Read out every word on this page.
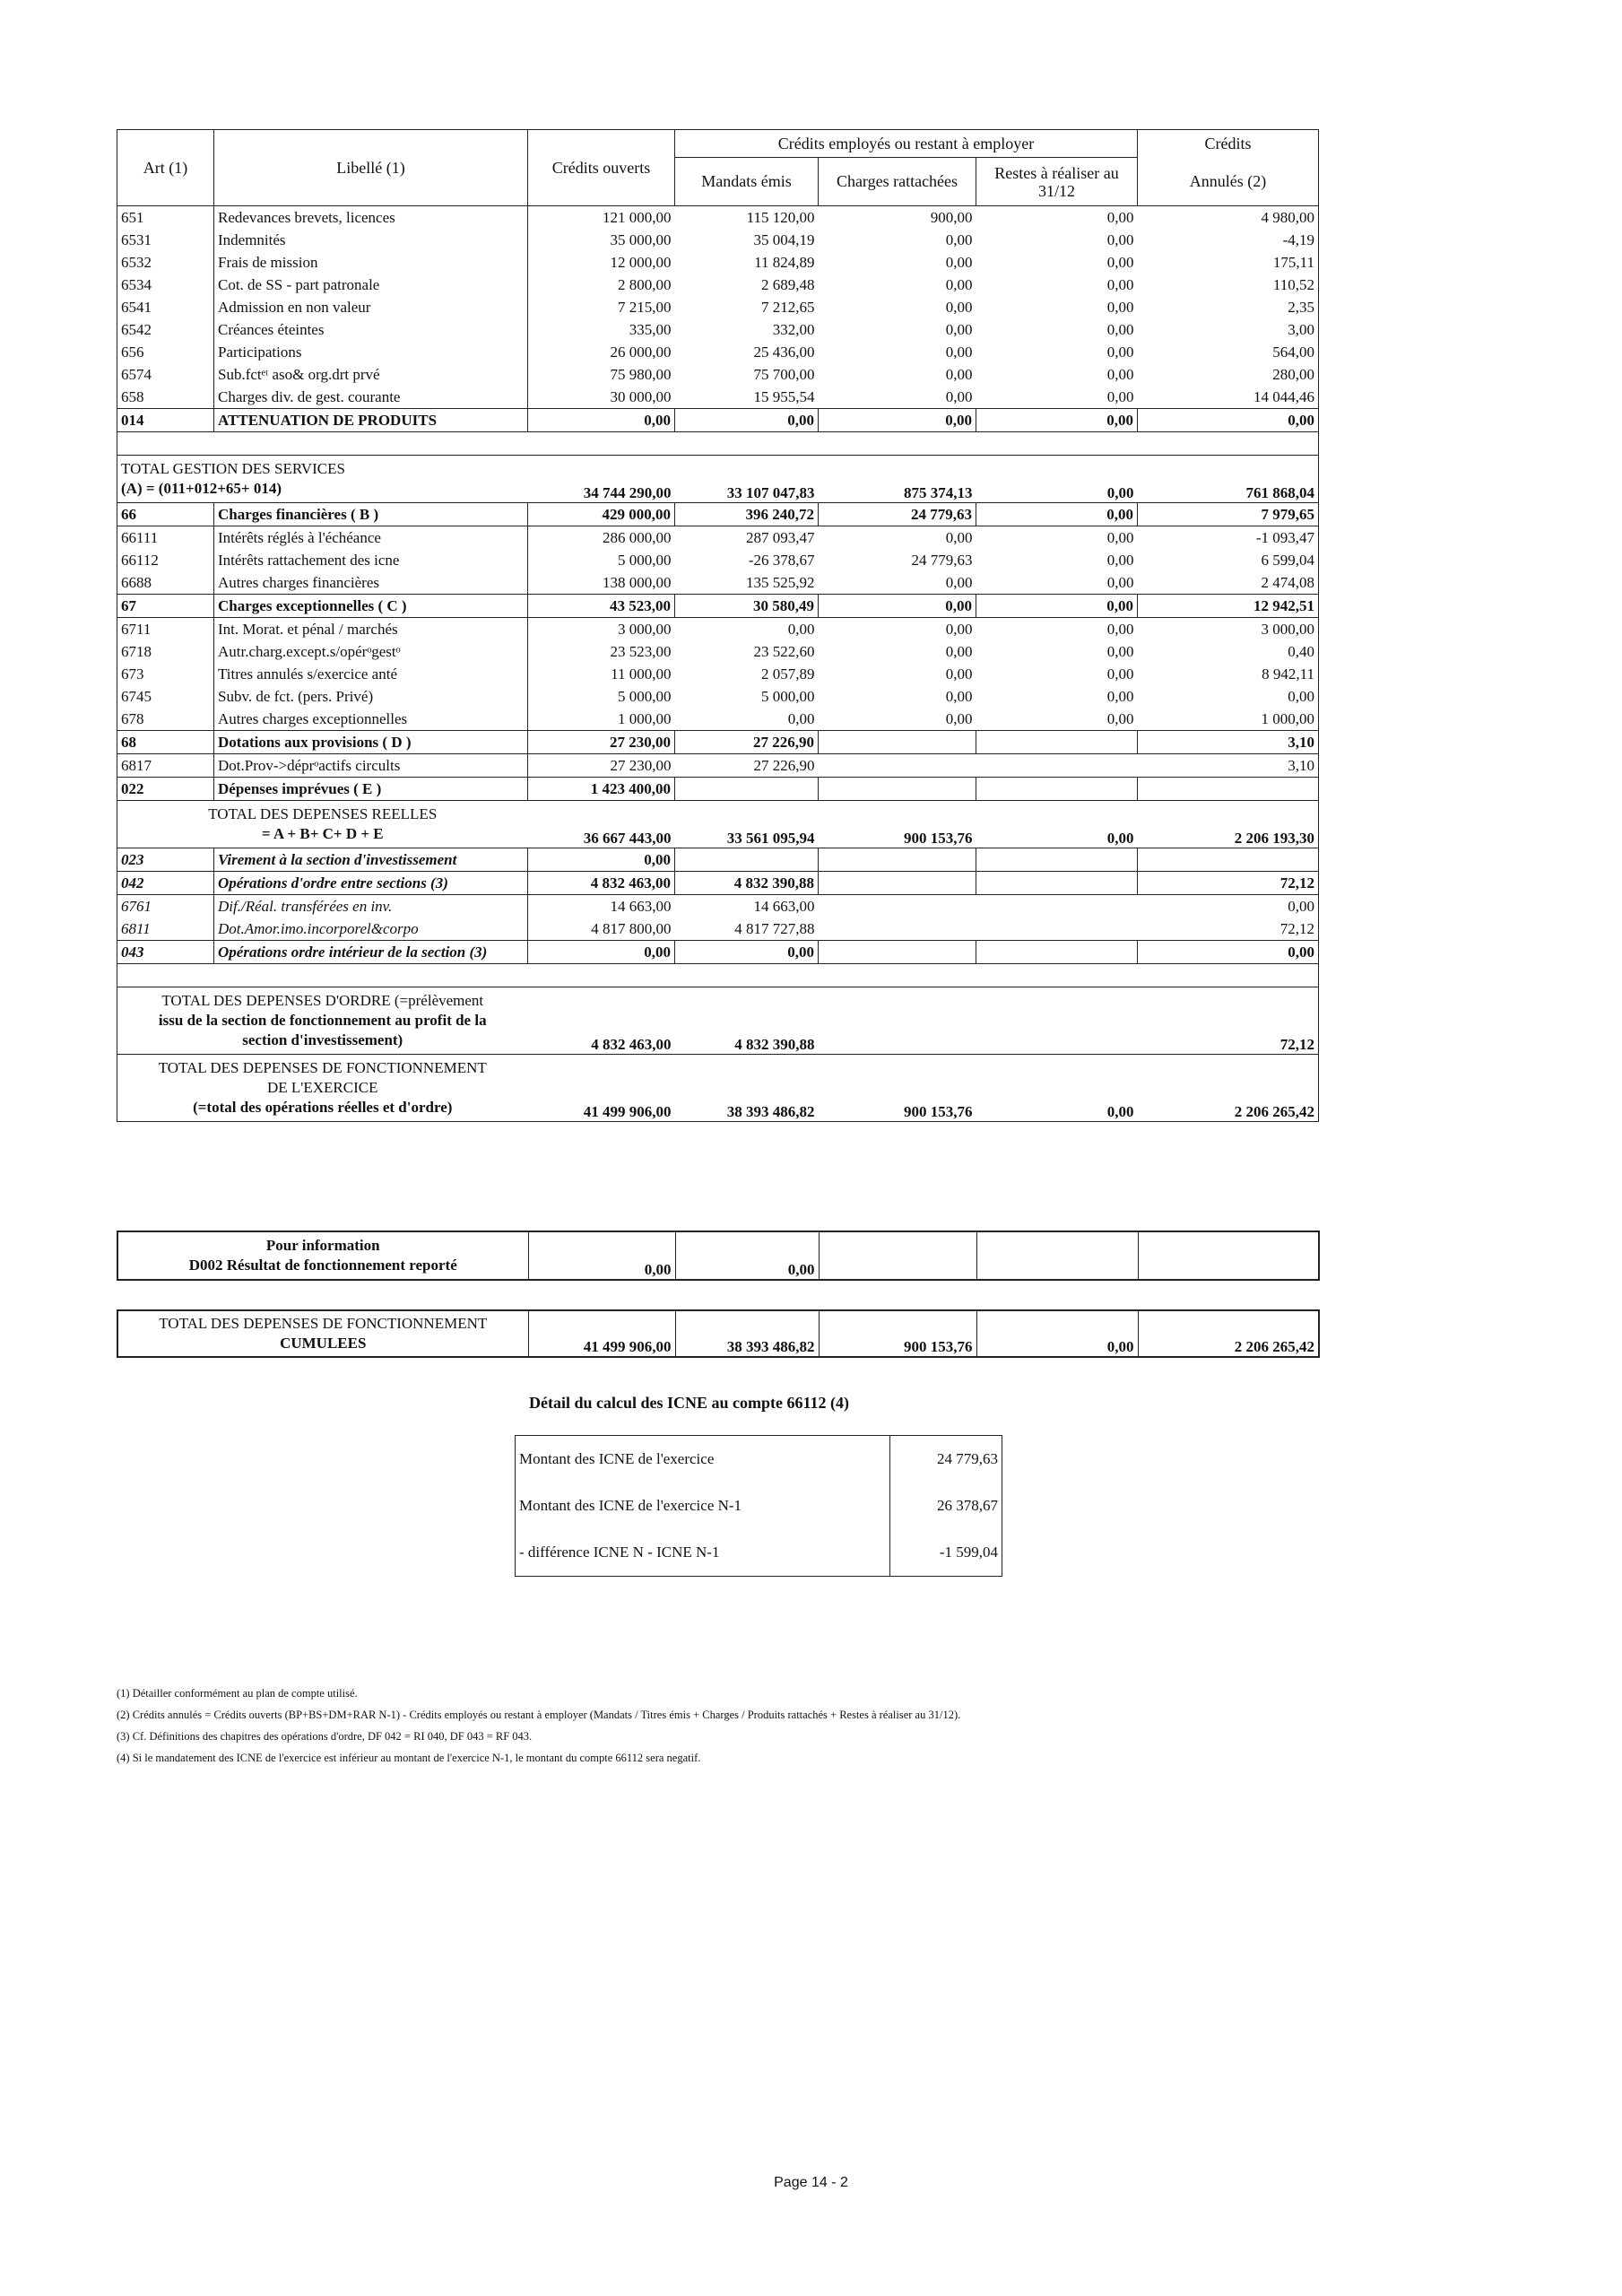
Art (1)	Libellé (1)	Crédits ouverts	Crédits employés ou restant à employer			Crédits
			Mandats émis	Charges rattachées	Restes à réaliser au 31/12	Annulés (2)
651	Redevances brevets, licences	121 000,00	115 120,00	900,00	0,00	4 980,00
6531	Indemnités	35 000,00	35 004,19	0,00	0,00	-4,19
6532	Frais de mission	12 000,00	11 824,89	0,00	0,00	175,11
6534	Cot. de SS - part patronale	2 800,00	2 689,48	0,00	0,00	110,52
6541	Admission en non valeur	7 215,00	7 212,65	0,00	0,00	2,35
6542	Créances éteintes	335,00	332,00	0,00	0,00	3,00
656	Participations	26 000,00	25 436,00	0,00	0,00	564,00
6574	Sub.fctᵉᵗ aso& org.drt prvé	75 980,00	75 700,00	0,00	0,00	280,00
658	Charges div. de gest. courante	30 000,00	15 955,54	0,00	0,00	14 044,46
014	ATTENUATION DE PRODUITS	0,00	0,00	0,00	0,00	0,00

TOTAL GESTION DES SERVICES
(A) = (011+012+65+ 014)		34 744 290,00	33 107 047,83	875 374,13	0,00	761 868,04
66	Charges financières ( B )	429 000,00	396 240,72	24 779,63	0,00	7 979,65
66111	Intérêts réglés à l'échéance	286 000,00	287 093,47	0,00	0,00	-1 093,47
66112	Intérêts rattachement des icne	5 000,00	-26 378,67	24 779,63	0,00	6 599,04
6688	Autres charges financières	138 000,00	135 525,92	0,00	0,00	2 474,08
67	Charges exceptionnelles ( C )	43 523,00	30 580,49	0,00	0,00	12 942,51
6711	Int. Morat. et pénal / marchés	3 000,00	0,00	0,00	0,00	3 000,00
6718	Autr.charg.except.s/opérᵒgestᵒ	23 523,00	23 522,60	0,00	0,00	0,40
673	Titres annulés s/exercice anté	11 000,00	2 057,89	0,00	0,00	8 942,11
6745	Subv. de fct. (pers. Privé)	5 000,00	5 000,00	0,00	0,00	0,00
678	Autres charges exceptionnelles	1 000,00	0,00	0,00	0,00	1 000,00
68	Dotations aux provisions ( D )	27 230,00	27 226,90			3,10
6817	Dot.Prov->déprᵒactifs circults	27 230,00	27 226,90			3,10
022	Dépenses imprévues ( E )	1 423 400,00				

TOTAL DES DEPENSES REELLES
= A + B+ C+ D + E		36 667 443,00	33 561 095,94	900 153,76	0,00	2 206 193,30
023	Virement à la section d'investissement	0,00				
042	Opérations d'ordre entre sections (3)	4 832 463,00	4 832 390,88			72,12
6761	Dif./Réal. transférées en inv.	14 663,00	14 663,00			0,00
6811	Dot.Amor.imo.incorporel&corpo	4 817 800,00	4 817 727,88			72,12
043	Opérations ordre intérieur de la section (3)	0,00	0,00			0,00

TOTAL DES DEPENSES D'ORDRE (=prélèvement
issu de la section de fonctionnement au profit de la
section d'investissement)		4 832 463,00	4 832 390,88			72,12

TOTAL DES DEPENSES DE FONCTIONNEMENT
DE L'EXERCICE
(=total des opérations réelles et d'ordre)		41 499 906,00	38 393 486,82	900 153,76	0,00	2 206 265,42
Pour information
D002 Résultat de fonctionnement reporté	0,00	0,00			
TOTAL DES DEPENSES DE FONCTIONNEMENT
CUMULEES	41 499 906,00	38 393 486,82	900 153,76	0,00	2 206 265,42
Détail du calcul des ICNE au compte 66112 (4)
Montant des ICNE de l'exercice	24 779,63
Montant des ICNE de l'exercice N-1	26 378,67
- différence ICNE N - ICNE N-1	-1 599,04
(1) Détailler conformément au plan de compte utilisé.
(2) Crédits annulés = Crédits ouverts (BP+BS+DM+RAR N-1) - Crédits employés ou restant à employer (Mandats / Titres émis + Charges / Produits rattachés + Restes à réaliser au 31/12).
(3) Cf. Définitions des chapitres des opérations d'ordre, DF 042 = RI 040, DF 043 = RF 043.
(4) Si le mandatement des ICNE de l'exercice est inférieur au montant de l'exercice N-1, le montant du compte 66112 sera negatif.
Page 14 - 2
